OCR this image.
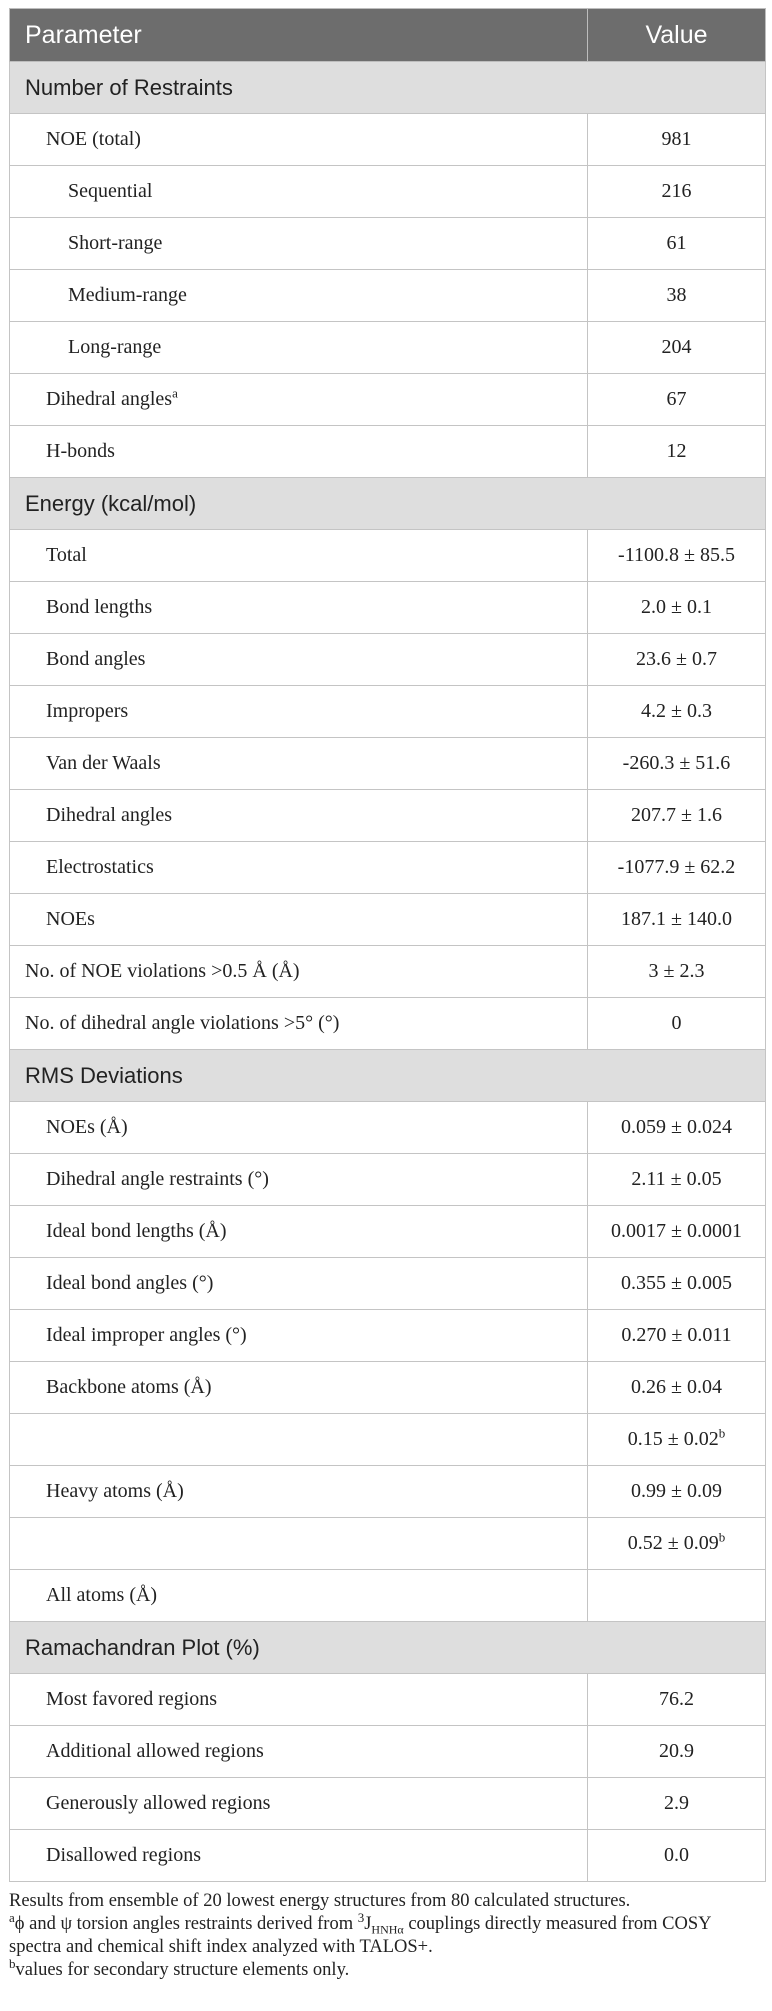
Parameter	Value
Number of Restraints	
NOE (total)	981
Sequential	216
Short-range	61
Medium-range	38
Long-range	204
Dihedral angles$^a$	67
H-bonds	12
Energy (kcal/mol)	
Total	-1100.8 ± 85.5
Bond lengths	2.0 ± 0.1
Bond angles	23.6 ± 0.7
Impropers	4.2 ± 0.3
Van der Waals	-260.3 ± 51.6
Dihedral angles	207.7 ± 1.6
Electrostatics	-1077.9 ± 62.2
NOEs	187.1 ± 140.0
No. of NOE violations >0.5 Å (Å)	3 ± 2.3
No. of dihedral angle violations >5° (°)	0
RMS Deviations	
NOEs (Å)	0.059 ± 0.024
Dihedral angle restraints (°)	2.11 ± 0.05
Ideal bond lengths (Å)	0.0017 ± 0.0001
Ideal bond angles (°)	0.355 ± 0.005
Ideal improper angles (°)	0.270 ± 0.011
Backbone atoms (Å)	0.26 ± 0.04
	0.15 ± 0.02$^b$
Heavy atoms (Å)	0.99 ± 0.09
	0.52 ± 0.09$^b$
All atoms (Å)	
Ramachandran Plot (%)	
Most favored regions	76.2
Additional allowed regions	20.9
Generously allowed regions	2.9
Disallowed regions	0.0

Results from ensemble of 20 lowest energy structures from 80 calculated structures.

$^a$ϕ and ψ torsion angles restraints derived from $^3J_{HNH\alpha}$ couplings directly measured from COSY spectra and chemical shift index analyzed with TALOS+.

$^b$values for secondary structure elements only.
